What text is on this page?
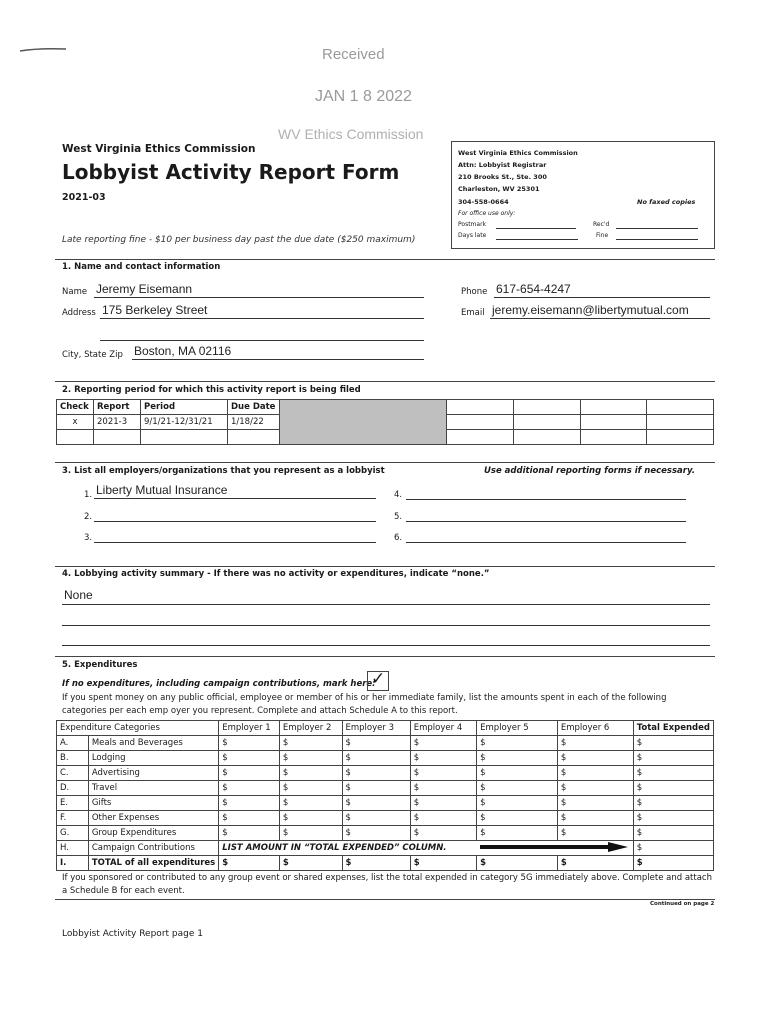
Received
JAN 1 8 2022
WV Ethics Commission
West Virginia Ethics Commission
Lobbyist Activity Report Form
2021-03
Late reporting fine - $10 per business day past the due date ($250 maximum)
West Virginia Ethics Commission
Attn: Lobbyist Registrar
210 Brooks St., Ste. 300
Charleston, WV 25301
304-558-0664	No faxed copies
For office use only:
Postmark	Rec'd
Days late	Fine
1. Name and contact information
Name Jeremy Eisemann
Address 175 Berkeley Street
City, State Zip Boston, MA 02116
Phone 617-654-4247
Email jeremy.eisemann@libertymutual.com
2. Reporting period for which this activity report is being filed
Check	Report	Period	Due Date					
x	2021-3	9/1/21-12/31/21	1/18/22					

3. List all employers/organizations that you represent as a lobbyist	Use additional reporting forms if necessary.
1. Liberty Mutual Insurance
2.
3.
4.
5.
6.
4. Lobbying activity summary - If there was no activity or expenditures, indicate “none.”
None
5. Expenditures
If no expenditures, including campaign contributions, mark here:
✓
If you spent money on any public official, employee or member of his or her immediate family, list the amounts spent in each of the following categories per each emp oyer you represent. Complete and attach Schedule A to this report.
Expenditure Categories		Employer 1	Employer 2	Employer 3	Employer 4	Employer 5	Employer 6	Total Expended
A.	Meals and Beverages	$	$	$	$	$	$	$
B.	Lodging	$	$	$	$	$	$	$
C.	Advertising	$	$	$	$	$	$	$
D.	Travel	$	$	$	$	$	$	$
E.	Gifts	$	$	$	$	$	$	$
F.	Other Expenses	$	$	$	$	$	$	$
G.	Group Expenditures	$	$	$	$	$	$	$
H.	Campaign Contributions	LIST AMOUNT IN “TOTAL EXPENDED” COLUMN.						$
I.	TOTAL of all expenditures	$	$	$	$	$	$	$
If you sponsored or contributed to any group event or shared expenses, list the total expended in category 5G immediately above. Complete and attach a Schedule B for each event.
Continued on page 2
Lobbyist Activity Report page 1
